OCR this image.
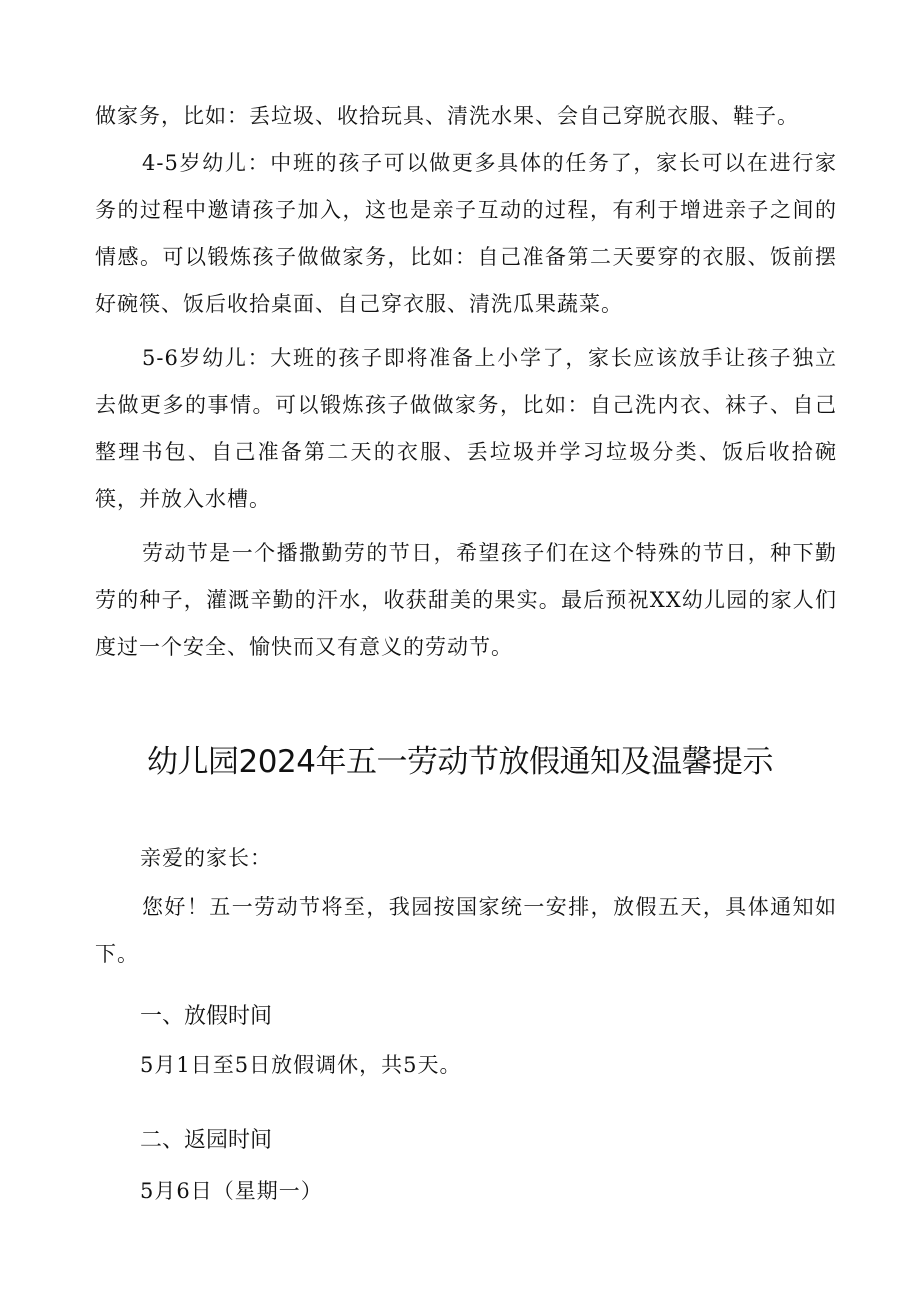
做家务，比如：丢垃圾、收拾玩具、清洗水果、会自己穿脱衣服、鞋子。

4-5岁幼儿：中班的孩子可以做更多具体的任务了，家长可以在进行家务的过程中邀请孩子加入，这也是亲子互动的过程，有利于增进亲子之间的情感。可以锻炼孩子做做家务，比如：自己准备第二天要穿的衣服、饭前摆好碗筷、饭后收拾桌面、自己穿衣服、清洗瓜果蔬菜。

5-6岁幼儿：大班的孩子即将准备上小学了，家长应该放手让孩子独立去做更多的事情。可以锻炼孩子做做家务，比如：自己洗内衣、袜子、自己整理书包、自己准备第二天的衣服、丢垃圾并学习垃圾分类、饭后收拾碗筷，并放入水槽。

劳动节是一个播撒勤劳的节日，希望孩子们在这个特殊的节日，种下勤劳的种子，灌溉辛勤的汗水，收获甜美的果实。最后预祝XX幼儿园的家人们度过一个安全、愉快而又有意义的劳动节。

幼儿园2024年五一劳动节放假通知及温馨提示

亲爱的家长：

您好！五一劳动节将至，我园按国家统一安排，放假五天，具体通知如下。

一、放假时间

5月1日至5日放假调休，共5天。

二、返园时间

5月6日（星期一）
